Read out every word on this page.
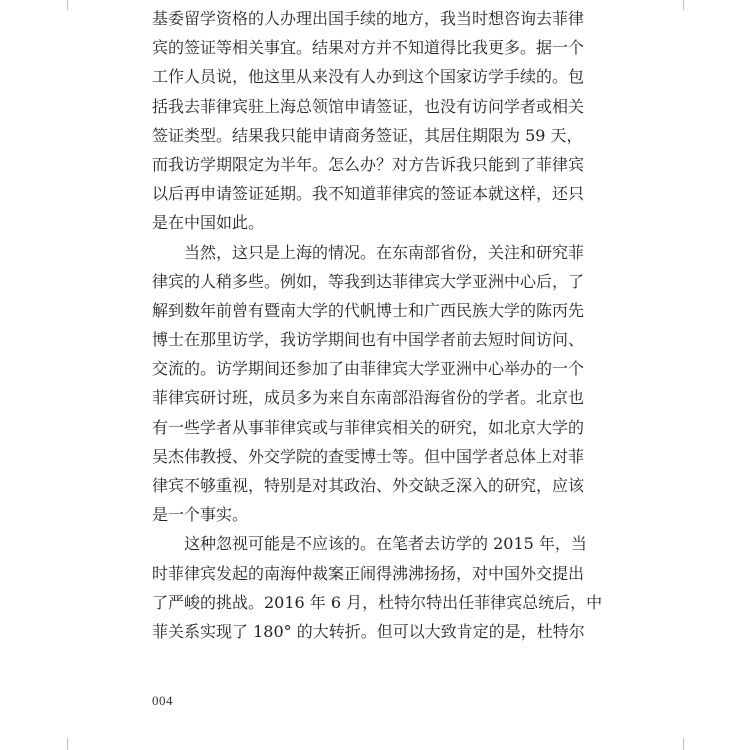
基委留学资格的人办理出国手续的地方，我当时想咨询去菲律
宾的签证等相关事宜。结果对方并不知道得比我更多。据一个
工作人员说，他这里从来没有人办到这个国家访学手续的。包
括我去菲律宾驻上海总领馆申请签证，也没有访问学者或相关
签证类型。结果我只能申请商务签证，其居住期限为 59 天，
而我访学期限定为半年。怎么办？对方告诉我只能到了菲律宾
以后再申请签证延期。我不知道菲律宾的签证本就这样，还只
是在中国如此。
　　当然，这只是上海的情况。在东南部省份，关注和研究菲
律宾的人稍多些。例如，等我到达菲律宾大学亚洲中心后，了
解到数年前曾有暨南大学的代帆博士和广西民族大学的陈丙先
博士在那里访学，我访学期间也有中国学者前去短时间访问、
交流的。访学期间还参加了由菲律宾大学亚洲中心举办的一个
菲律宾研讨班，成员多为来自东南部沿海省份的学者。北京也
有一些学者从事菲律宾或与菲律宾相关的研究，如北京大学的
吴杰伟教授、外交学院的查雯博士等。但中国学者总体上对菲
律宾不够重视，特别是对其政治、外交缺乏深入的研究，应该
是一个事实。
　　这种忽视可能是不应该的。在笔者去访学的 2015 年，当
时菲律宾发起的南海仲裁案正闹得沸沸扬扬，对中国外交提出
了严峻的挑战。2016 年 6 月，杜特尔特出任菲律宾总统后，中
菲关系实现了 180° 的大转折。但可以大致肯定的是，杜特尔
004
